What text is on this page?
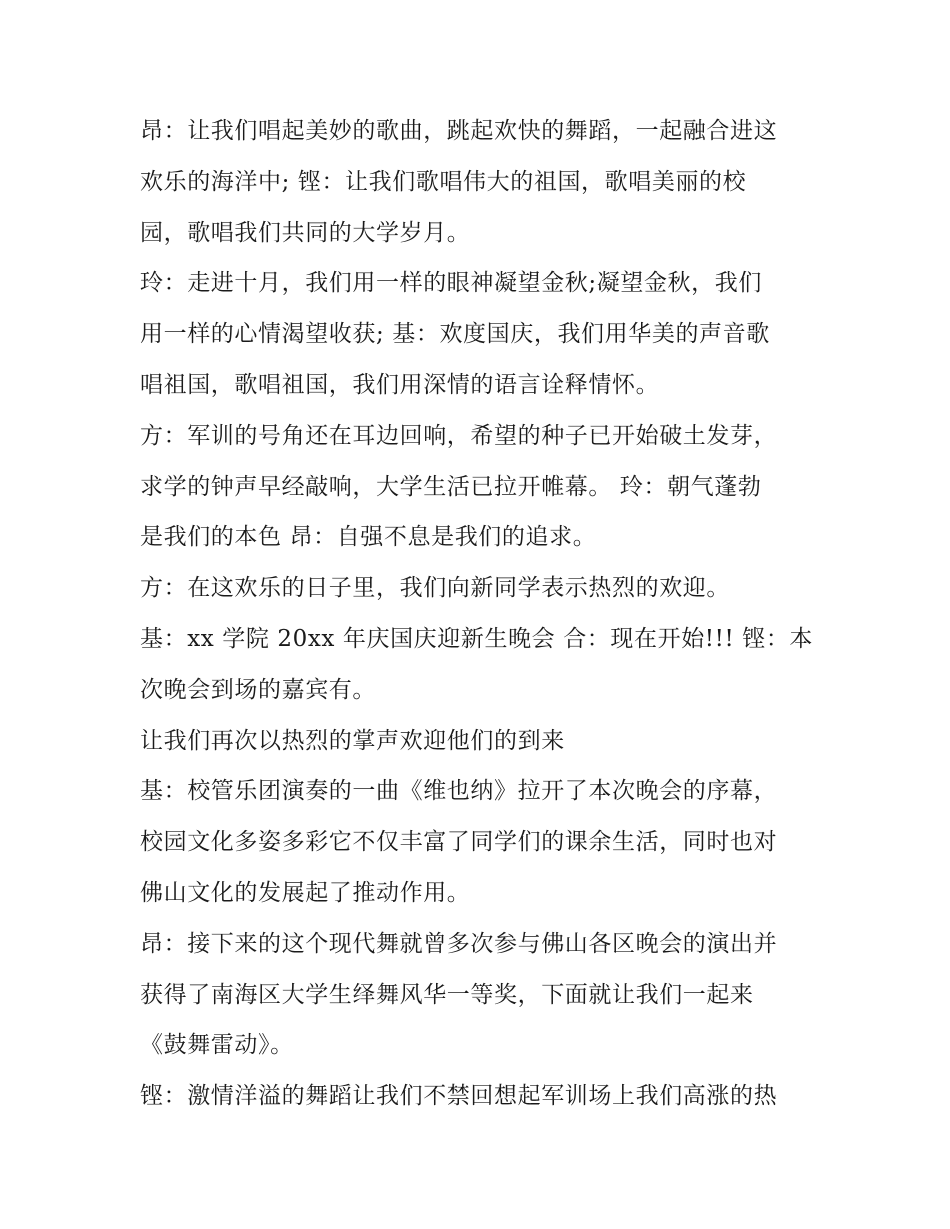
昂：让我们唱起美妙的歌曲，跳起欢快的舞蹈，一起融合进这
欢乐的海洋中; 铿：让我们歌唱伟大的祖国，歌唱美丽的校
园，歌唱我们共同的大学岁月。
玲：走进十月，我们用一样的眼神凝望金秋;凝望金秋，我们
用一样的心情渴望收获; 基：欢度国庆，我们用华美的声音歌
唱祖国，歌唱祖国，我们用深情的语言诠释情怀。
方：军训的号角还在耳边回响，希望的种子已开始破土发芽，
求学的钟声早经敲响，大学生活已拉开帷幕。 玲：朝气蓬勃
是我们的本色 昂：自强不息是我们的追求。
方：在这欢乐的日子里，我们向新同学表示热烈的欢迎。
基：xx 学院 20xx 年庆国庆迎新生晚会 合：现在开始!!! 铿：本
次晚会到场的嘉宾有。
让我们再次以热烈的掌声欢迎他们的到来
基：校管乐团演奏的一曲《维也纳》拉开了本次晚会的序幕，
校园文化多姿多彩它不仅丰富了同学们的课余生活，同时也对
佛山文化的发展起了推动作用。
昂：接下来的这个现代舞就曾多次参与佛山各区晚会的演出并
获得了南海区大学生绎舞风华一等奖，下面就让我们一起来
《鼓舞雷动》。
铿：激情洋溢的舞蹈让我们不禁回想起军训场上我们高涨的热
